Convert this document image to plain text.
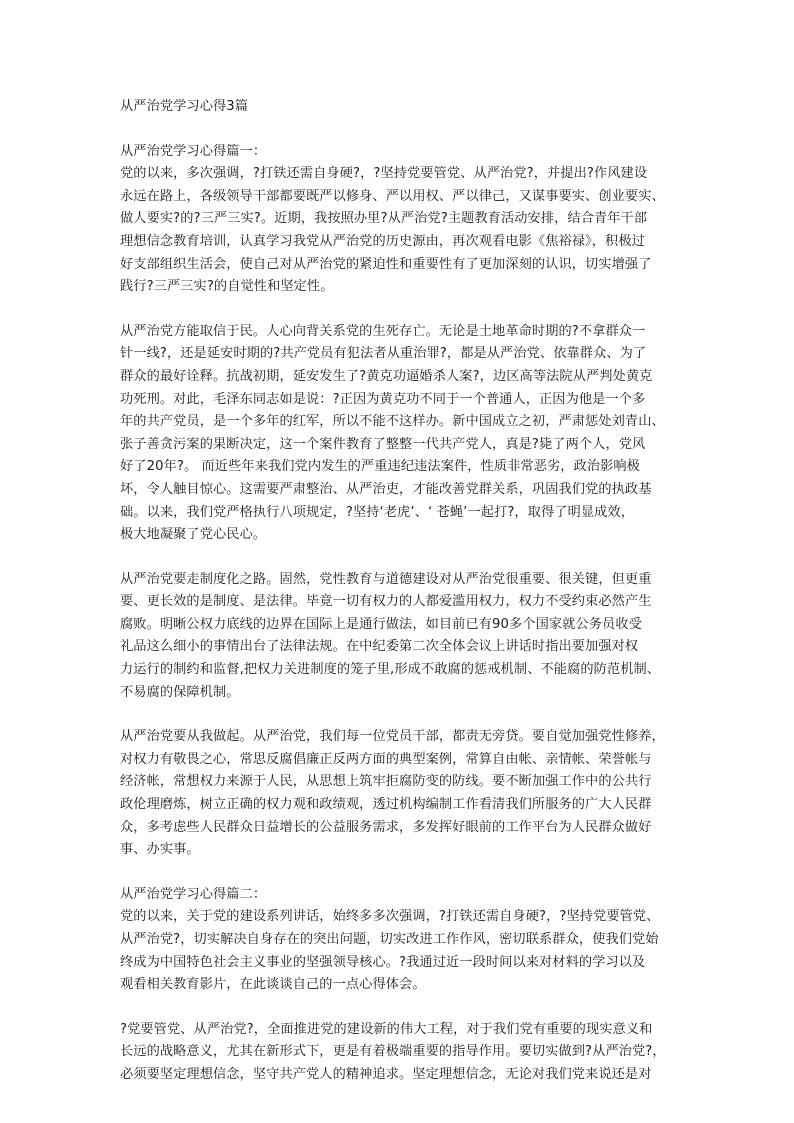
从严治党学习心得3篇

从严治党学习心得篇一：
党的以来，多次强调，?打铁还需自身硬?，?坚持党要管党、从严治党?，并提出?作风建设
永远在路上，各级领导干部都要既严以修身、严以用权、严以律己，又谋事要实、创业要实、
做人要实?的?三严三实?。近期，我按照办里?从严治党?主题教育活动安排，结合青年干部
理想信念教育培训，认真学习我党从严治党的历史源由，再次观看电影《焦裕禄》，积极过
好支部组织生活会，使自己对从严治党的紧迫性和重要性有了更加深刻的认识，切实增强了
践行?三严三实?的自觉性和坚定性。

从严治党方能取信于民。人心向背关系党的生死存亡。无论是土地革命时期的?不拿群众一
针一线?，还是延安时期的?共产党员有犯法者从重治罪?，都是从严治党、依靠群众、为了
群众的最好诠释。抗战初期，延安发生了?黄克功逼婚杀人案?，边区高等法院从严判处黄克
功死刑。对此，毛泽东同志如是说：?正因为黄克功不同于一个普通人，正因为他是一个多
年的共产党员，是一个多年的红军，所以不能不这样办。新中国成立之初，严肃惩处刘青山、
张子善贪污案的果断决定，这一个案件教育了整整一代共产党人，真是?毙了两个人，党风
好了20年?。 而近些年来我们党内发生的严重违纪违法案件，性质非常恶劣，政治影响极
坏，令人触目惊心。这需要严肃整治、从严治吏，才能改善党群关系，巩固我们党的执政基
础。以来，我们党严格执行八项规定，?坚持‘老虎’、‘ 苍蝇’一起打?，取得了明显成效，
极大地凝聚了党心民心。

从严治党要走制度化之路。固然，党性教育与道德建设对从严治党很重要、很关键，但更重
要、更长效的是制度、是法律。毕竟一切有权力的人都爱滥用权力，权力不受约束必然产生
腐败。明晰公权力底线的边界在国际上是通行做法，如目前已有90多个国家就公务员收受
礼品这么细小的事情出台了法律法规。在中纪委第二次全体会议上讲话时指出要加强对权
力运行的制约和监督,把权力关进制度的笼子里,形成不敢腐的惩戒机制、不能腐的防范机制、
不易腐的保障机制。

从严治党要从我做起。从严治党，我们每一位党员干部，都责无旁贷。要自觉加强党性修养，
对权力有敬畏之心，常思反腐倡廉正反两方面的典型案例，常算自由帐、亲情帐、荣誉帐与
经济帐，常想权力来源于人民，从思想上筑牢拒腐防变的防线。要不断加强工作中的公共行
政伦理磨炼，树立正确的权力观和政绩观，透过机构编制工作看清我们所服务的广大人民群
众，多考虑些人民群众日益增长的公益服务需求，多发挥好眼前的工作平台为人民群众做好
事、办实事。

从严治党学习心得篇二：
党的以来，关于党的建设系列讲话，始终多多次强调，?打铁还需自身硬?，?坚持党要管党、
从严治党?，切实解决自身存在的突出问题，切实改进工作作风，密切联系群众，使我们党始
终成为中国特色社会主义事业的坚强领导核心。?我通过近一段时间以来对材料的学习以及
观看相关教育影片，在此谈谈自己的一点心得体会。

?党要管党、从严治党?，全面推进党的建设新的伟大工程，对于我们党有重要的现实意义和
长远的战略意义，尤其在新形式下，更是有着极端重要的指导作用。要切实做到?从严治党?，
必须要坚定理想信念，坚守共产党人的精神追求。坚定理想信念，无论对我们党来说还是对
